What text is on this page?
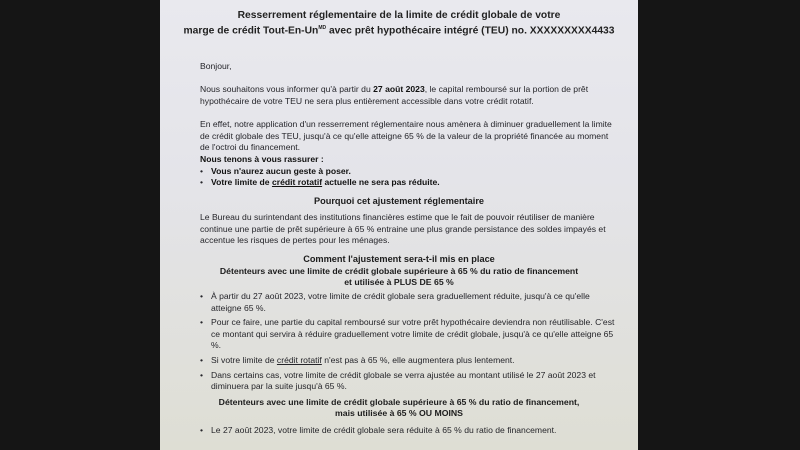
Resserrement réglementaire de la limite de crédit globale de votre
marge de crédit Tout-$En-Un^{MD}$ avec prêt hypothécaire intégré (TEU) no. XXXXXXXXX4433
Bonjour,
Nous souhaitons vous informer qu'à partir du 27 août 2023, le capital remboursé sur la portion de prêt hypothécaire de votre TEU ne sera plus entièrement accessible dans votre crédit rotatif.
En effet, notre application d'un resserrement réglementaire nous amènera à diminuer graduellement la limite de crédit globale des TEU, jusqu'à ce qu'elle atteigne 65 % de la valeur de la propriété financée au moment de l'octroi du financement.
Nous tenons à vous rassurer :
• Vous n'aurez aucun geste à poser.
• Votre limite de crédit rotatif actuelle ne sera pas réduite.
Pourquoi cet ajustement réglementaire
Le Bureau du surintendant des institutions financières estime que le fait de pouvoir réutiliser de manière continue une partie de prêt supérieure à 65 % entraine une plus grande persistance des soldes impayés et accentue les risques de pertes pour les ménages.
Comment l'ajustement sera-t-il mis en place
Détenteurs avec une limite de crédit globale supérieure à 65 % du ratio de financement
et utilisée à PLUS DE 65 %
• À partir du 27 août 2023, votre limite de crédit globale sera graduellement réduite, jusqu'à ce qu'elle atteigne 65 %.
• Pour ce faire, une partie du capital remboursé sur votre prêt hypothécaire deviendra non réutilisable. C'est ce montant qui servira à réduire graduellement votre limite de crédit globale, jusqu'à ce qu'elle atteigne 65 %.
• Si votre limite de crédit rotatif n'est pas à 65 %, elle augmentera plus lentement.
• Dans certains cas, votre limite de crédit globale se verra ajustée au montant utilisé le 27 août 2023 et diminuera par la suite jusqu'à 65 %.
Détenteurs avec une limite de crédit globale supérieure à 65 % du ratio de financement,
mais utilisée à 65 % OU MOINS
• Le 27 août 2023, votre limite de crédit globale sera réduite à 65 % du ratio de financement.
